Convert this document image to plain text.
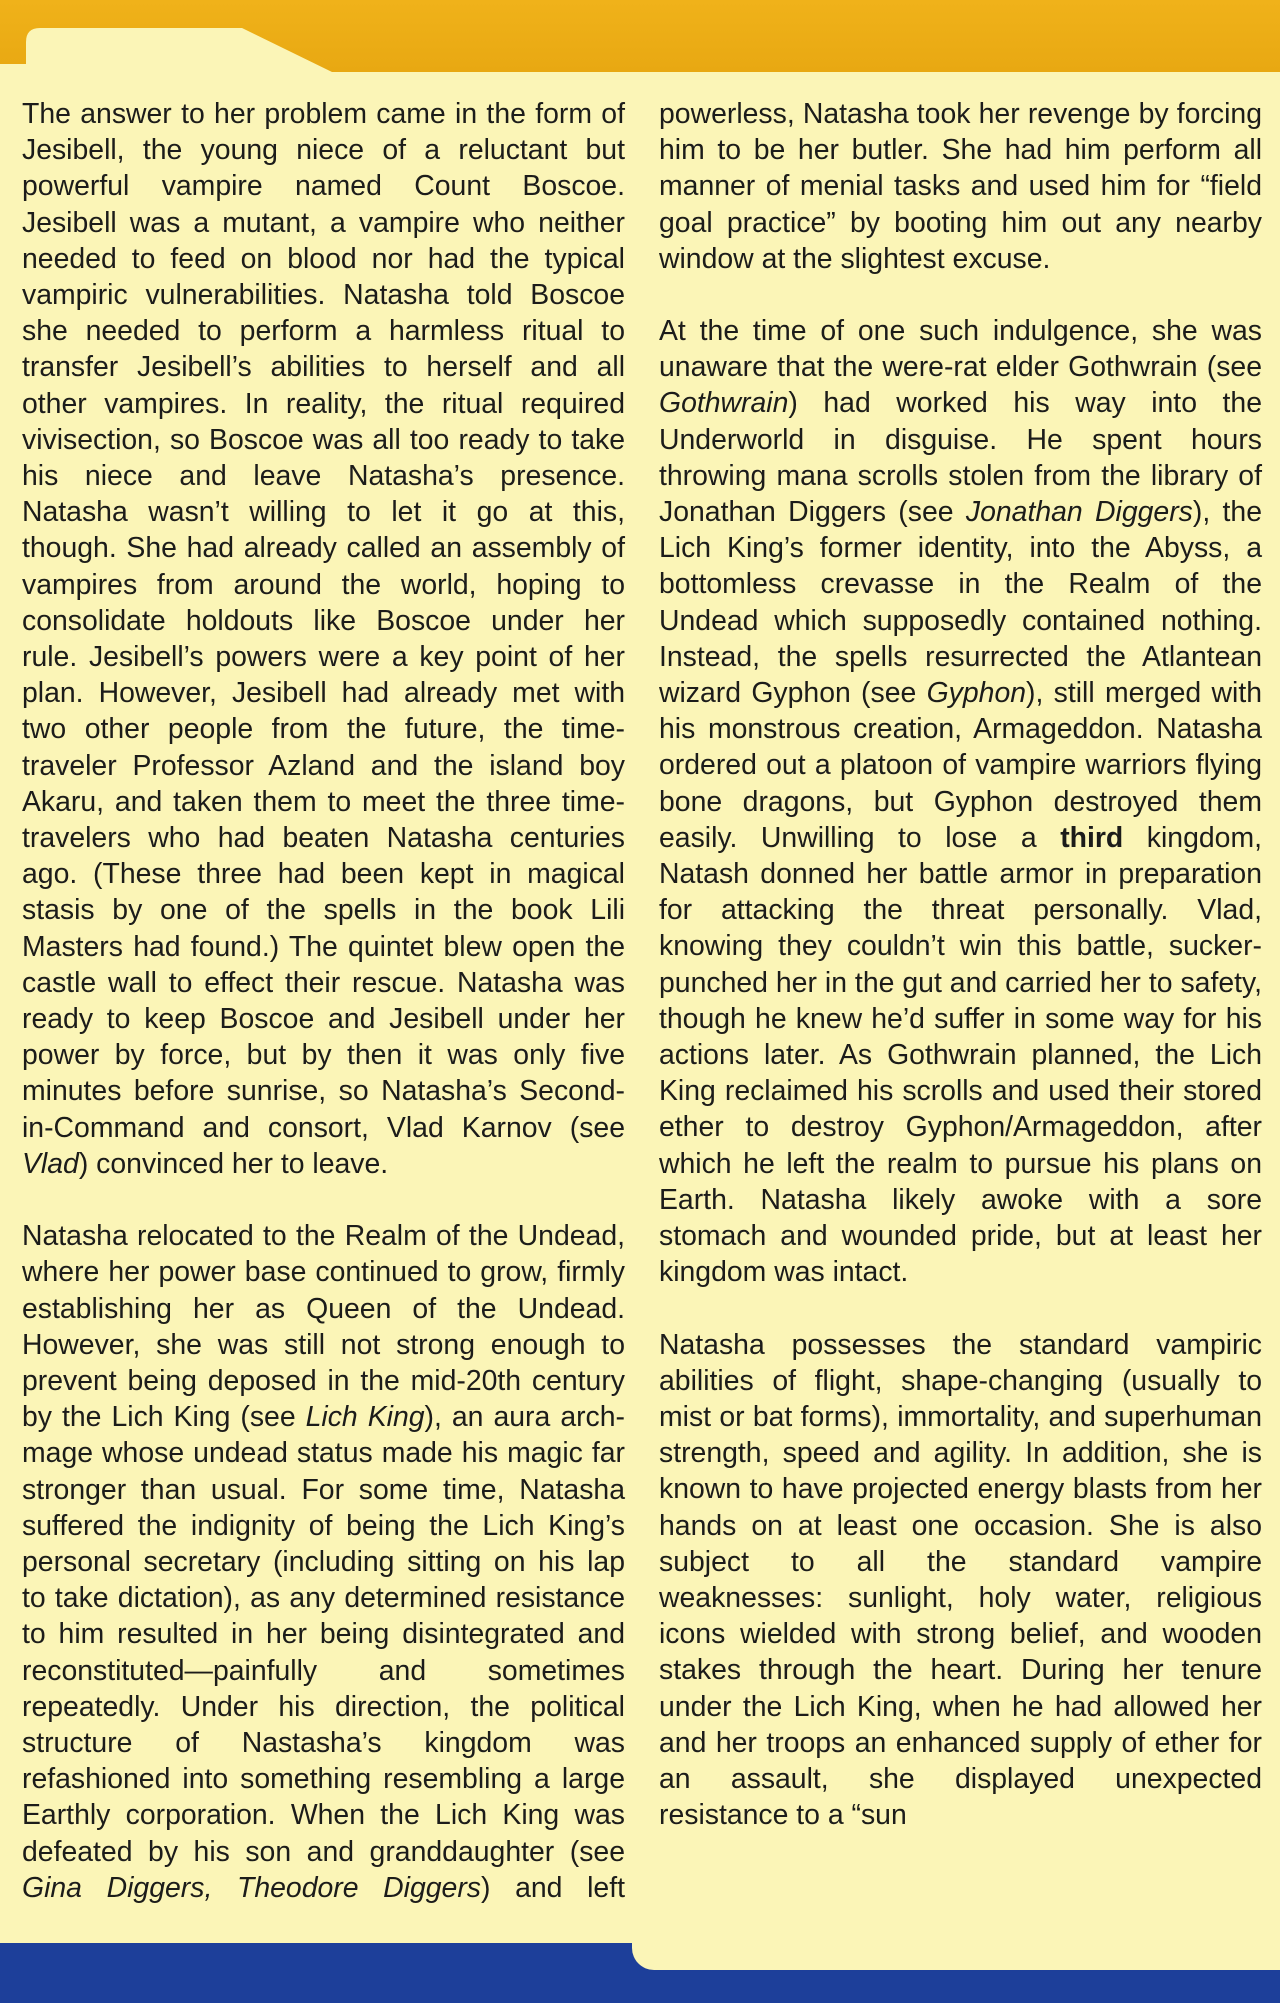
The answer to her problem came in the form of Jesibell, the young niece of a reluctant but powerful vampire named Count Boscoe. Jesibell was a mutant, a vampire who neither needed to feed on blood nor had the typical vampiric vulnerabilities. Natasha told Boscoe she needed to perform a harmless ritual to transfer Jesibell’s abilities to herself and all other vampires. In reality, the ritual required vivisection, so Boscoe was all too ready to take his niece and leave Natasha’s presence. Natasha wasn’t willing to let it go at this, though. She had already called an assembly of vampires from around the world, hoping to consolidate holdouts like Boscoe under her rule. Jesibell’s powers were a key point of her plan. However, Jesibell had already met with two other people from the future, the time-traveler Professor Azland and the island boy Akaru, and taken them to meet the three time-travelers who had beaten Natasha centuries ago. (These three had been kept in magical stasis by one of the spells in the book Lili Masters had found.) The quintet blew open the castle wall to effect their rescue. Natasha was ready to keep Boscoe and Jesibell under her power by force, but by then it was only five minutes before sunrise, so Natasha’s Second-in-Command and consort, Vlad Karnov (see Vlad) convinced her to leave.

Natasha relocated to the Realm of the Undead, where her power base continued to grow, firmly establishing her as Queen of the Undead. However, she was still not strong enough to prevent being deposed in the mid-20th century by the Lich King (see Lich King), an aura arch-mage whose undead status made his magic far stronger than usual. For some time, Natasha suffered the indignity of being the Lich King’s personal secretary (including sitting on his lap to take dictation), as any determined resistance to him resulted in her being disintegrated and reconstituted—painfully and sometimes repeatedly. Under his direction, the political structure of Nastasha’s kingdom was refashioned into something resembling a large Earthly corporation. When the Lich King was defeated by his son and granddaughter (see Gina Diggers, Theodore Diggers) and left powerless, Natasha took her revenge by forcing him to be her butler. She had him perform all manner of menial tasks and used him for “field goal practice” by booting him out any nearby window at the slightest excuse.

At the time of one such indulgence, she was unaware that the were-rat elder Gothwrain (see Gothwrain) had worked his way into the Underworld in disguise. He spent hours throwing mana scrolls stolen from the library of Jonathan Diggers (see Jonathan Diggers), the Lich King’s former identity, into the Abyss, a bottomless crevasse in the Realm of the Undead which supposedly contained nothing. Instead, the spells resurrected the Atlantean wizard Gyphon (see Gyphon), still merged with his monstrous creation, Armageddon. Natasha ordered out a platoon of vampire warriors flying bone dragons, but Gyphon destroyed them easily. Unwilling to lose a third kingdom, Natash donned her battle armor in preparation for attacking the threat personally. Vlad, knowing they couldn’t win this battle, sucker-punched her in the gut and carried her to safety, though he knew he’d suffer in some way for his actions later. As Gothwrain planned, the Lich King reclaimed his scrolls and used their stored ether to destroy Gyphon/Armageddon, after which he left the realm to pursue his plans on Earth. Natasha likely awoke with a sore stomach and wounded pride, but at least her kingdom was intact.

Natasha possesses the standard vampiric abilities of flight, shape-changing (usually to mist or bat forms), immortality, and superhuman strength, speed and agility. In addition, she is known to have projected energy blasts from her hands on at least one occasion. She is also subject to all the standard vampire weaknesses: sunlight, holy water, religious icons wielded with strong belief, and wooden stakes through the heart. During her tenure under the Lich King, when he had allowed her and her troops an enhanced supply of ether for an assault, she displayed unexpected resistance to a “sun
